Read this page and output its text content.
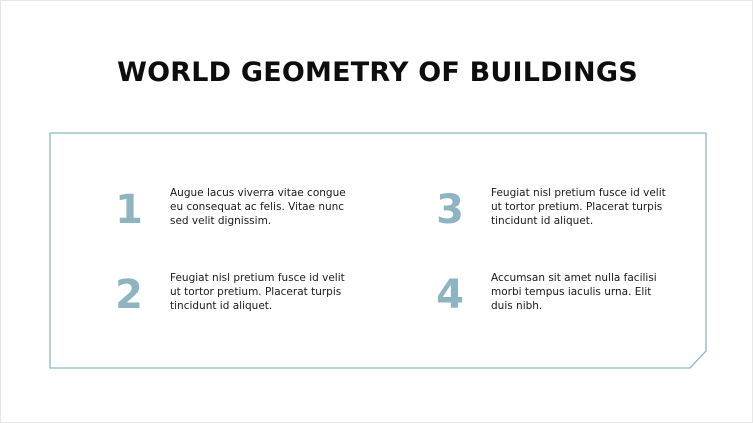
WORLD GEOMETRY OF BUILDINGS
1	Augue lacus viverra vitae congue eu consequat ac felis. Vitae nunc sed velit dignissim.
2	Feugiat nisl pretium fusce id velit ut tortor pretium. Placerat turpis tincidunt id aliquet.
3	Feugiat nisl pretium fusce id velit ut tortor pretium. Placerat turpis tincidunt id aliquet.
4	Accumsan sit amet nulla facilisi morbi tempus iaculis urna. Elit duis nibh.
